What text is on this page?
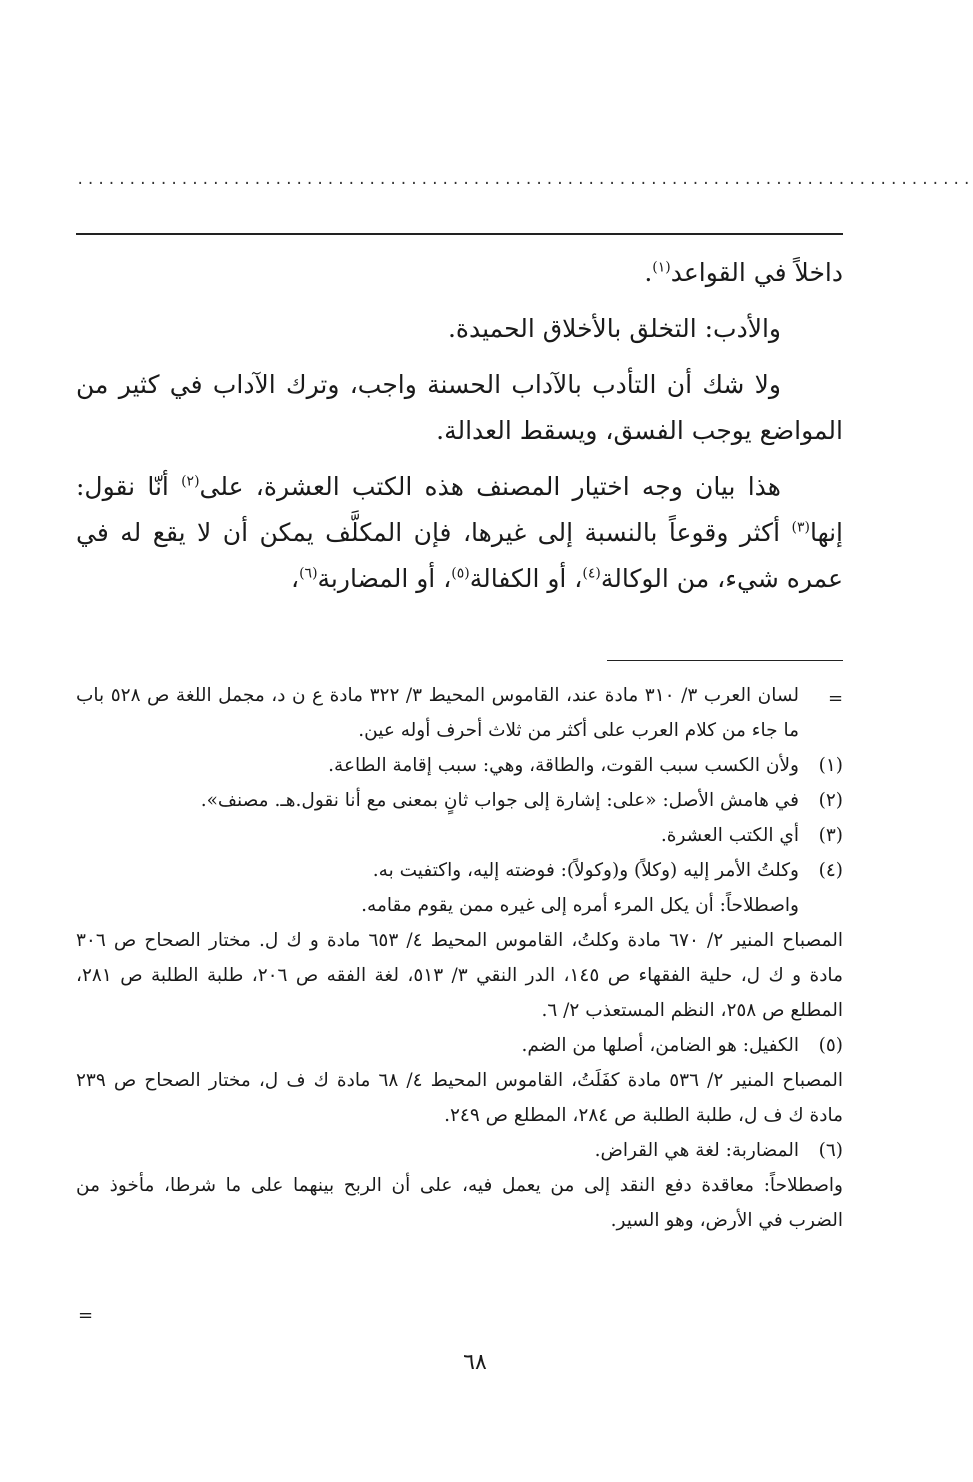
......................................................................................

داخلاً في القواعد$^{(١)}$.

والأدب: التخلق بالأخلاق الحميدة.

ولا شك أن التأدب بالآداب الحسنة واجب، وترك الآداب في كثير من المواضع يوجب الفسق، ويسقط العدالة.

هذا بيان وجه اختيار المصنف هذه الكتب العشرة، على$^{(٢)}$ أنّا نقول: إنها$^{(٣)}$ أكثر وقوعاً بالنسبة إلى غيرها، فإن المكلَّف يمكن أن لا يقع له في عمره شيء، من الوكالة$^{(٤)}$، أو الكفالة$^{(٥)}$، أو المضاربة$^{(٦)}$،

=

لسان العرب ٣/ ٣١٠ مادة عند، القاموس المحيط ٣/ ٣٢٢ مادة ع ن د، مجمل اللغة ص ٥٢٨ باب ما جاء من كلام العرب على أكثر من ثلاث أحرف أوله عين.

(١)ولأن الكسب سبب القوت، والطاقة، وهي: سبب إقامة الطاعة.

(٢)في هامش الأصل: «على: إشارة إلى جواب ثانٍ بمعنى مع أنا نقول.هـ. مصنف».

(٣)أي الكتب العشرة.

(٤)وكلتُ الأمر إليه (وكلاً) و(وكولاً): فوضته إليه، واكتفيت به.

واصطلاحاً: أن يكل المرء أمره إلى غيره ممن يقوم مقامه.

المصباح المنير ٢/ ٦٧٠ مادة وكلتُ، القاموس المحيط ٤/ ٦٥٣ مادة و ك ل. مختار الصحاح ص ٣٠٦ مادة و ك ل، حلية الفقهاء ص ١٤٥، الدر النقي ٣/ ٥١٣، لغة الفقه ص ٢٠٦، طلبة الطلبة ص ٢٨١، المطلع ص ٢٥٨، النظم المستعذب ٢/ ٦.

(٥)الكفيل: هو الضامن، أصلها من الضم.

المصباح المنير ٢/ ٥٣٦ مادة كفَلَتُ، القاموس المحيط ٤/ ٦٨ مادة ك ف ل، مختار الصحاح ص ٢٣٩ مادة ك ف ل، طلبة الطلبة ص ٢٨٤، المطلع ص ٢٤٩.

(٦)المضاربة: لغة هي القراض.

واصطلاحاً: معاقدة دفع النقد إلى من يعمل فيه، على أن الربح بينهما على ما شرطا، مأخوذ من الضرب في الأرض، وهو السير.

=
٦٨
